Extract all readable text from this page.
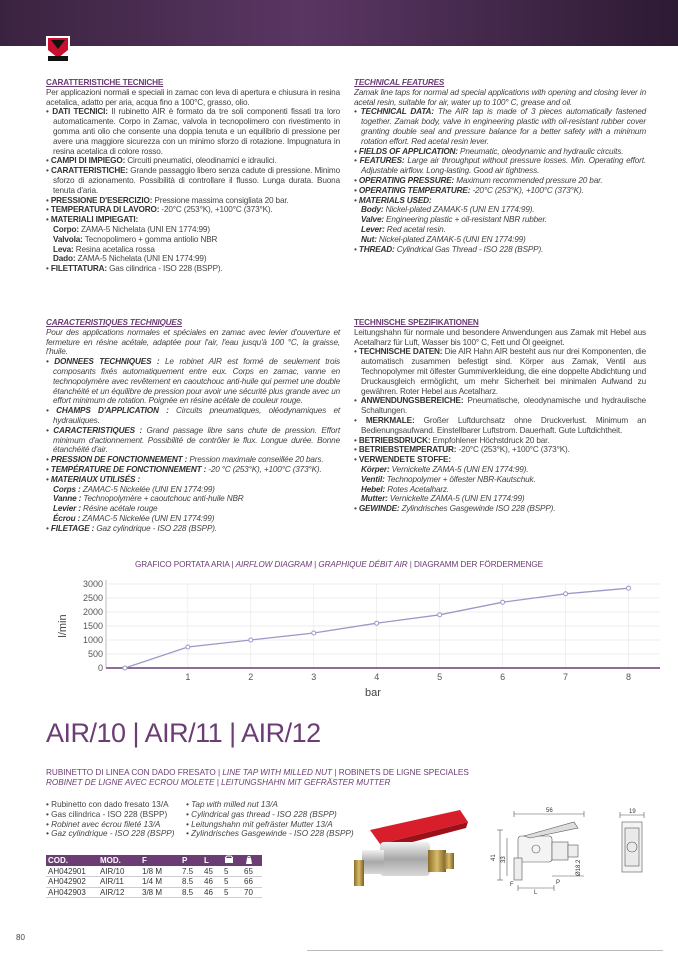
CARATTERISTICHE TECNICHE
Per applicazioni normali e speciali in zamac con leva di apertura e chiusura in resina acetalica, adatto per aria, acqua fino a 100°C, grasso, olio.
• DATI TECNICI: Il rubinetto AIR è formato da tre soli componenti fissati tra loro automaticamente. Corpo in Zamac, valvola in tecnopolimero con rivestimento in gomma anti olio che consente una doppia tenuta e un equilibrio di pressione per avere una maggiore sicurezza con un minimo sforzo di rotazione. Impugnatura in resina acetalica di colore rosso.
• CAMPI DI IMPIEGO: Circuiti pneumatici, oleodinamici e idraulici.
• CARATTERISTICHE: Grande passaggio libero senza cadute di pressione. Minimo sforzo di azionamento. Possibilità di controllare il flusso. Lunga durata. Buona tenuta d'aria.
• PRESSIONE D'ESERCIZIO: Pressione massima consigliata 20 bar.
• TEMPERATURA DI LAVORO: -20°C (253°K), +100°C (373°K).
• MATERIALI IMPIEGATI:
Corpo: ZAMA-5 Nichelata (UNI EN 1774:99)
Valvola: Tecnopolimero + gomma antiolio NBR
Leva: Resina acetalica rossa
Dado: ZAMA-5 Nichelata (UNI EN 1774:99)
• FILETTATURA: Gas cilindrica - ISO 228 (BSPP).
TECHNICAL FEATURES
Zamak line taps for normal ad special applications with opening and closing lever in acetal resin, suitable for air, water up to 100° C, grease and oil.
• TECHNICAL DATA: The AIR tap is made of 3 pieces automatically fastened together. Zamak body, valve in engineering plastic with oil-resistant rubber cover granting double seal and pressure balance for a better safety with a minimum rotation effort. Red acetal resin lever.
• FIELDS OF APPLICATION: Pneumatic, oleodynamic and hydraulic circuits.
• FEATURES: Large air throughput without pressure losses. Min. Operating effort. Adjustable airflow. Long-lasting. Good air tightness.
• OPERATING PRESSURE: Maximum recommended pressure 20 bar.
• OPERATING TEMPERATURE: -20°C (253°K), +100°C (373°K).
• MATERIALS USED:
Body: Nickel-plated ZAMAK-5 (UNI EN 1774:99).
Valve: Engineering plastic + oil-resistant NBR rubber.
Lever: Red acetal resin.
Nut: Nickel-plated ZAMAK-5 (UNI EN 1774:99)
• THREAD: Cylindrical Gas Thread - ISO 228 (BSPP).
CARACTERISTIQUES TECHNIQUES
Pour des applications normales et spéciales en zamac avec levier d'ouverture et fermeture en résine acétale, adaptée pour l'air, l'eau jusqu'à 100 °C, la graisse, l'huile.
• DONNEES TECHNIQUES : Le robinet AIR est formé de seulement trois composants fixés automatiquement entre eux. Corps en zamac, vanne en technopolymère avec revêtement en caoutchouc anti-huile qui permet une double étanchéité et un équilibre de pression pour avoir une sécurité plus grande avec un effort minimum de rotation. Poignée en résine acétale de couleur rouge.
• CHAMPS D'APPLICATION : Circuits pneumatiques, oléodynamiques et hydrauliques.
• CARACTERISTIQUES : Grand passage libre sans chute de pression. Effort minimum d'actionnement. Possibilité de contrôler le flux. Longue durée. Bonne étanchéité d'air.
• PRESSION DE FONCTIONNEMENT : Pression maximale conseillée 20 bars.
• TEMPÉRATURE DE FONCTIONNEMENT : -20 °C (253°K), +100°C (373°K).
• MATERIAUX UTILISÉS :
Corps : ZAMAC-5 Nickelée (UNI EN 1774:99)
Vanne : Technopolymère + caoutchouc anti-huile NBR
Levier : Résine acétale rouge
Écrou : ZAMAC-5 Nickelée (UNI EN 1774:99)
• FILETAGE : Gaz cylindrique - ISO 228 (BSPP).
TECHNISCHE SPEZIFIKATIONEN
Leitungshahn für normale und besondere Anwendungen aus Zamak mit Hebel aus Acetalharz für Luft, Wasser bis 100° C, Fett und Öl geeignet.
• TECHNISCHE DATEN: Die AIR Hahn AIR besteht aus nur drei Komponenten, die automatisch zusammen befestigt sind. Körper aus Zamak, Ventil aus Technopolymer mit ölfester Gummiverkleidung, die eine doppelte Abdichtung und Druckausgleich ermöglicht, um mehr Sicherheit bei minimalen Aufwand zu gewähren. Roter Hebel aus Acetalharz.
• ANWENDUNGSBEREICHE: Pneumatische, oleodynamische und hydraulische Schaltungen.
• MERKMALE: Großer Luftdurchsatz ohne Druckverlust. Minimum an Bedienungsaufwand. Einstellbarer Luftstrom. Dauerhaft. Gute Luftdichtheit.
• BETRIEBSDRUCK: Empfohlener Höchstdruck 20 bar.
• BETRIEBSTEMPERATUR: -20°C (253°K), +100°C (373°K).
• VERWENDETE STOFFE:
Körper: Vernickelte ZAMA-5 (UNI EN 1774:99).
Ventil: Technopolymer + ölfester NBR-Kautschuk.
Hebel: Rotes Acetalharz.
Mutter: Vernickelte ZAMA-5 (UNI EN 1774:99)
• GEWINDE: Zylindrisches Gasgewinde ISO 228 (BSPP).
GRAFICO PORTATA ARIA | AIRFLOW DIAGRAM | GRAPHIQUE DÉBIT AIR | DIAGRAMM DER FÖRDERMENGE
0
500
1000
1500
2000
2500
3000
1	2	3	4	5	6	7	8
bar
l/min
AIR/10 | AIR/11 | AIR/12
RUBINETTO DI LINEA CON DADO FRESATO | LINE TAP WITH MILLED NUT | ROBINETS DE LIGNE SPECIALES
ROBINET DE LIGNE AVEC ECROU MOLETE | LEITUNGSHAHN MIT GEFRÄSTER MUTTER
• Rubinetto con dado fresato 13/A
• Gas cilindrica - ISO 228 (BSPP)
• Robinet avec écrou fileté 13/A
• Gaz cylindrique - ISO 228 (BSPP)
• Tap with milled nut 13/A
• Cylindrical gas thread - ISO 228 (BSPP)
• Leitungshahn mit gefräster Mutter 13/A
• Zylindrisches Gasgewinde - ISO 228 (BSPP)
COD.	MOD.	F	P	L		
AH042901	AIR/10	1/8 M	7.5	45	5	65
AH042902	AIR/11	1/4 M	8.5	46	5	66
AH042903	AIR/12	3/8 M	8.5	46	5	70
56	19
41 33	Ø18.2
F	P
L
80
